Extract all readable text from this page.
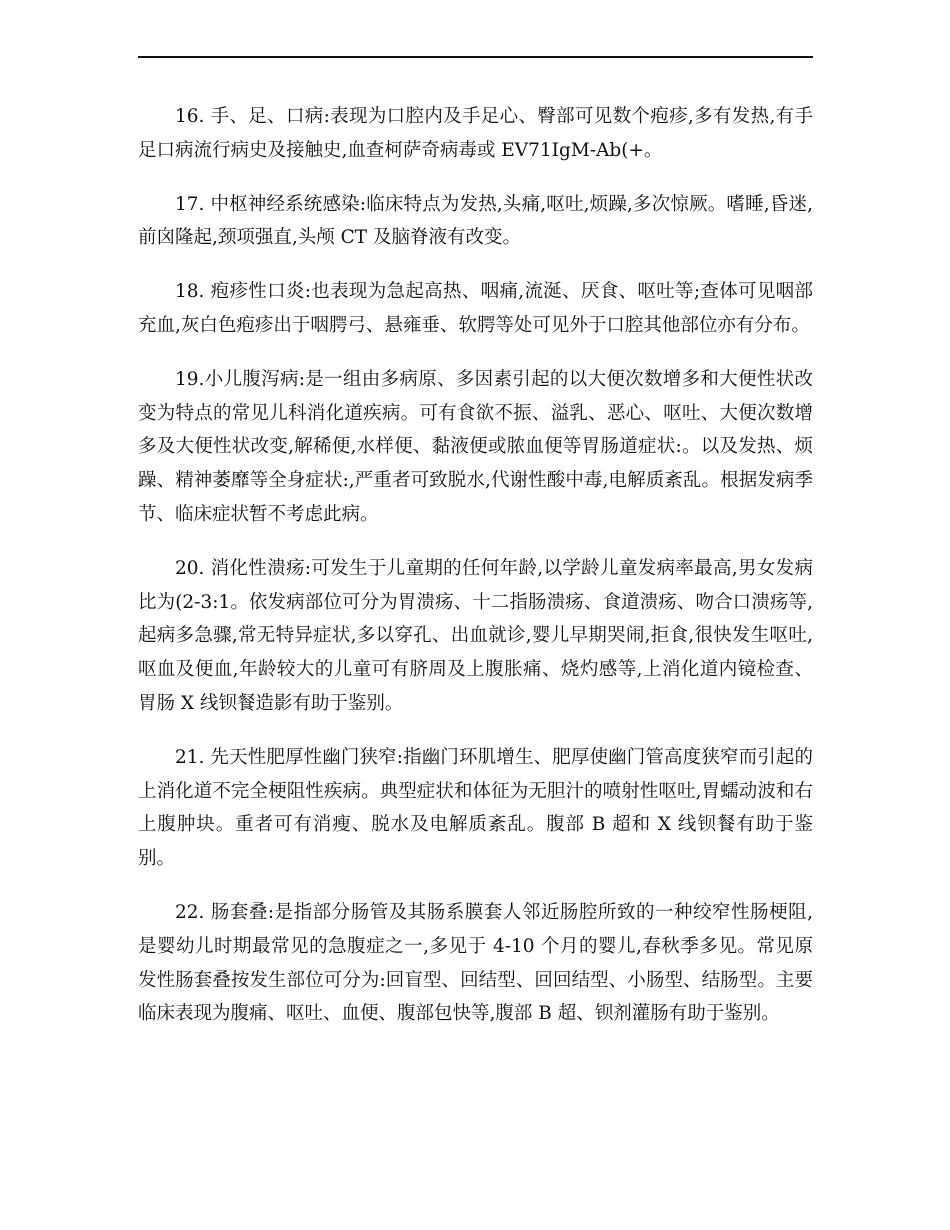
16. 手、足、口病:表现为口腔内及手足心、臀部可见数个疱疹,多有发热,有手足口病流行病史及接触史,血查柯萨奇病毒或 EV71IgM-Ab(+。

17. 中枢神经系统感染:临床特点为发热,头痛,呕吐,烦躁,多次惊厥。嗜睡,昏迷,前囟隆起,颈项强直,头颅 CT 及脑脊液有改变。

18. 疱疹性口炎:也表现为急起高热、咽痛,流涎、厌食、呕吐等;查体可见咽部充血,灰白色疱疹出于咽腭弓、悬雍垂、软腭等处可见外于口腔其他部位亦有分布。

19.小儿腹泻病:是一组由多病原、多因素引起的以大便次数增多和大便性状改变为特点的常见儿科消化道疾病。可有食欲不振、溢乳、恶心、呕吐、大便次数增多及大便性状改变,解稀便,水样便、黏液便或脓血便等胃肠道症状:。以及发热、烦躁、精神萎靡等全身症状:,严重者可致脱水,代谢性酸中毒,电解质紊乱。根据发病季节、临床症状暂不考虑此病。

20. 消化性溃疡:可发生于儿童期的任何年龄,以学龄儿童发病率最高,男女发病比为(2-3:1。依发病部位可分为胃溃疡、十二指肠溃疡、食道溃疡、吻合口溃疡等,起病多急骤,常无特异症状,多以穿孔、出血就诊,婴儿早期哭闹,拒食,很快发生呕吐,呕血及便血,年龄较大的儿童可有脐周及上腹胀痛、烧灼感等,上消化道内镜检查、胃肠 X 线钡餐造影有助于鉴别。

21. 先天性肥厚性幽门狭窄:指幽门环肌增生、肥厚使幽门管高度狭窄而引起的上消化道不完全梗阻性疾病。典型症状和体征为无胆汁的喷射性呕吐,胃蠕动波和右上腹肿块。重者可有消瘦、脱水及电解质紊乱。腹部 B 超和 X 线钡餐有助于鉴别。

22. 肠套叠:是指部分肠管及其肠系膜套人邻近肠腔所致的一种绞窄性肠梗阻,是婴幼儿时期最常见的急腹症之一,多见于 4-10 个月的婴儿,春秋季多见。常见原发性肠套叠按发生部位可分为:回盲型、回结型、回回结型、小肠型、结肠型。主要临床表现为腹痛、呕吐、血便、腹部包快等,腹部 B 超、钡剂灌肠有助于鉴别。
